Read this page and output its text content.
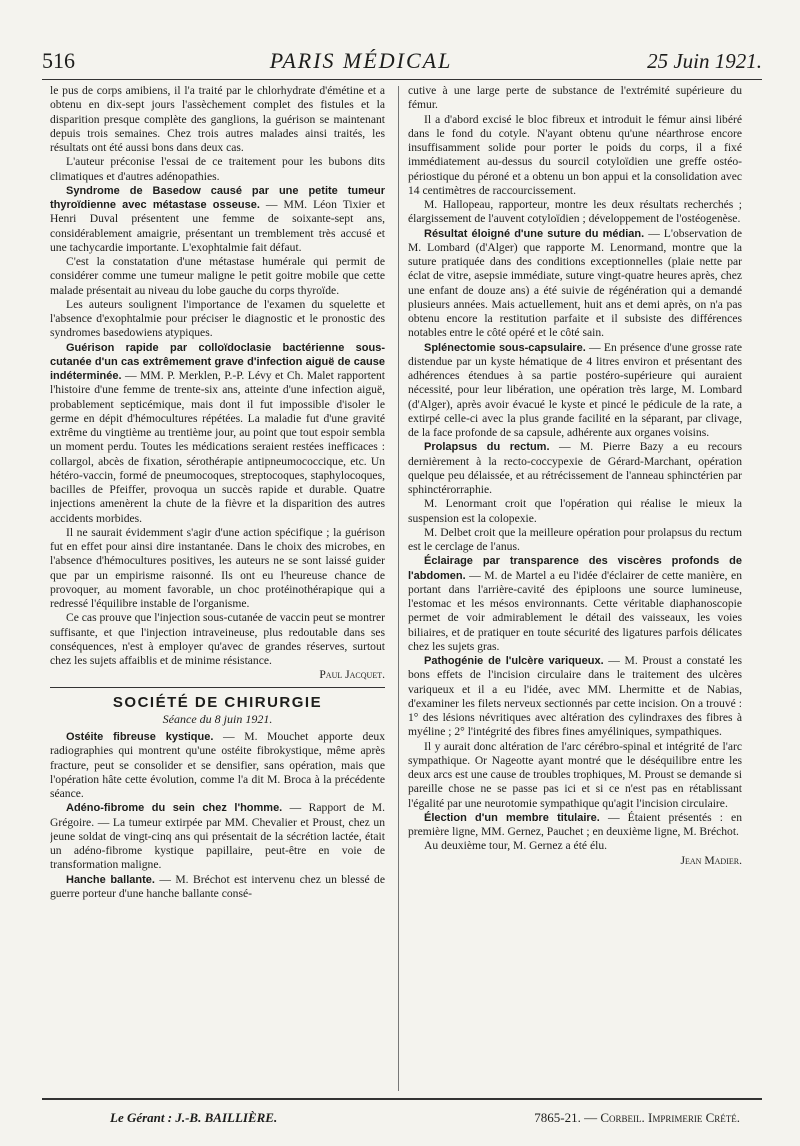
516	PARIS MÉDICAL	25 Juin 1921.

le pus de corps amibiens, il l'a traité par le chlorhydrate d'émétine et a obtenu en dix-sept jours l'assèchement complet des fistules et la disparition presque complète des ganglions, la guérison se maintenant depuis trois semaines. Chez trois autres malades ainsi traités, les résultats ont été aussi bons dans deux cas.

L'auteur préconise l'essai de ce traitement pour les bubons dits climatiques et d'autres adénopathies.

Syndrome de Basedow causé par une petite tumeur thyroïdienne avec métastase osseuse. — MM. Léon Tixier et Henri Duval présentent une femme de soixante-sept ans, considérablement amaigrie, présentant un tremblement très accusé et une tachycardie importante. L'exophtalmie fait défaut.

C'est la constatation d'une métastase humérale qui permit de considérer comme une tumeur maligne le petit goitre mobile que cette malade présentait au niveau du lobe gauche du corps thyroïde.

Les auteurs soulignent l'importance de l'examen du squelette et l'absence d'exophtalmie pour préciser le diagnostic et le pronostic des syndromes basedowiens atypiques.

Guérison rapide par colloïdoclasie bactérienne sous-cutanée d'un cas extrêmement grave d'infection aiguë de cause indéterminée. — MM. P. Merklen, P.-P. Lévy et Ch. Malet rapportent l'histoire d'une femme de trente-six ans, atteinte d'une infection aiguë, probablement septicémique, mais dont il fut impossible d'isoler le germe en dépit d'hémocultures répétées. La maladie fut d'une gravité extrême du vingtième au trentième jour, au point que tout espoir sembla un moment perdu. Toutes les médications seraient restées inefficaces : collargol, abcès de fixation, sérothérapie antipneumococcique, etc. Un hétéro-vaccin, formé de pneumocoques, streptocoques, staphylocoques, bacilles de Pfeiffer, provoqua un succès rapide et durable. Quatre injections amenèrent la chute de la fièvre et la disparition des autres accidents morbides.

Il ne saurait évidemment s'agir d'une action spécifique ; la guérison fut en effet pour ainsi dire instantanée. Dans le choix des microbes, en l'absence d'hémocultures positives, les auteurs ne se sont laissé guider que par un empirisme raisonné. Ils ont eu l'heureuse chance de provoquer, au moment favorable, un choc protéinothérapique qui a redressé l'équilibre instable de l'organisme.

Ce cas prouve que l'injection sous-cutanée de vaccin peut se montrer suffisante, et que l'injection intraveineuse, plus redoutable dans ses conséquences, n'est à employer qu'avec de grandes réserves, surtout chez les sujets affaiblis et de minime résistance.

Paul Jacquet.

SOCIÉTÉ DE CHIRURGIE
Séance du 8 juin 1921.

Ostéite fibreuse kystique. — M. Mouchet apporte deux radiographies qui montrent qu'une ostéite fibrokystique, même après fracture, peut se consolider et se densifier, sans opération, mais que l'opération hâte cette évolution, comme l'a dit M. Broca à la précédente séance.

Adéno-fibrome du sein chez l'homme. — Rapport de M. Grégoire. — La tumeur extirpée par MM. Chevalier et Proust, chez un jeune soldat de vingt-cinq ans qui présentait de la sécrétion lactée, était un adéno-fibrome kystique papillaire, peut-être en voie de transformation maligne.

Hanche ballante. — M. Bréchot est intervenu chez un blessé de guerre porteur d'une hanche ballante consé-

cutive à une large perte de substance de l'extrémité supérieure du fémur.

Il a d'abord excisé le bloc fibreux et introduit le fémur ainsi libéré dans le fond du cotyle. N'ayant obtenu qu'une néarthrose encore insuffisamment solide pour porter le poids du corps, il a fixé immédiatement au-dessus du sourcil cotyloïdien une greffe ostéo-périostique du péroné et a obtenu un bon appui et la consolidation avec 14 centimètres de raccourcissement.

M. Hallopeau, rapporteur, montre les deux résultats recherchés ; élargissement de l'auvent cotyloïdien ; développement de l'ostéogenèse.

Résultat éloigné d'une suture du médian. — L'observation de M. Lombard (d'Alger) que rapporte M. Lenormand, montre que la suture pratiquée dans des conditions exceptionnelles (plaie nette par éclat de vitre, asepsie immédiate, suture vingt-quatre heures après, chez une enfant de douze ans) a été suivie de régénération qui a demandé plusieurs années. Mais actuellement, huit ans et demi après, on n'a pas obtenu encore la restitution parfaite et il subsiste des différences notables entre le côté opéré et le côté sain.

Splénectomie sous-capsulaire. — En présence d'une grosse rate distendue par un kyste hématique de 4 litres environ et présentant des adhérences étendues à sa partie postéro-supérieure qui auraient nécessité, pour leur libération, une opération très large, M. Lombard (d'Alger), après avoir évacué le kyste et pincé le pédicule de la rate, a extirpé celle-ci avec la plus grande facilité en la séparant, par clivage, de la face profonde de sa capsule, adhérente aux organes voisins.

Prolapsus du rectum. — M. Pierre Bazy a eu recours dernièrement à la recto-coccypexie de Gérard-Marchant, opération quelque peu délaissée, et au rétrécissement de l'anneau sphinctérien par sphinctérorraphie.

M. Lenormant croit que l'opération qui réalise le mieux la suspension est la colopexie.

M. Delbet croit que la meilleure opération pour prolapsus du rectum est le cerclage de l'anus.

Éclairage par transparence des viscères profonds de l'abdomen. — M. de Martel a eu l'idée d'éclairer de cette manière, en portant dans l'arrière-cavité des épiploons une source lumineuse, l'estomac et les mésos environnants. Cette véritable diaphanoscopie permet de voir admirablement le détail des vaisseaux, les voies biliaires, et de pratiquer en toute sécurité des ligatures parfois délicates chez les sujets gras.

Pathogénie de l'ulcère variqueux. — M. Proust a constaté les bons effets de l'incision circulaire dans le traitement des ulcères variqueux et il a eu l'idée, avec MM. Lhermitte et de Nabias, d'examiner les filets nerveux sectionnés par cette incision. On a trouvé : 1° des lésions névritiques avec altération des cylindraxes des fibres à myéline ; 2° l'intégrité des fibres fines amyéliniques, sympathiques.

Il y aurait donc altération de l'arc cérébro-spinal et intégrité de l'arc sympathique. Or Nageotte ayant montré que le déséquilibre entre les deux arcs est une cause de troubles trophiques, M. Proust se demande si pareille chose ne se passe pas ici et si ce n'est pas en rétablissant l'égalité par une neurotomie sympathique qu'agit l'incision circulaire.

Élection d'un membre titulaire. — Étaient présentés : en première ligne, MM. Gernez, Pauchet ; en deuxième ligne, M. Bréchot.

Au deuxième tour, M. Gernez a été élu.

Jean Madier.

Le Gérant : J.-B. BAILLIÈRE.	7865-21. — Corbeil. Imprimerie Crété.
